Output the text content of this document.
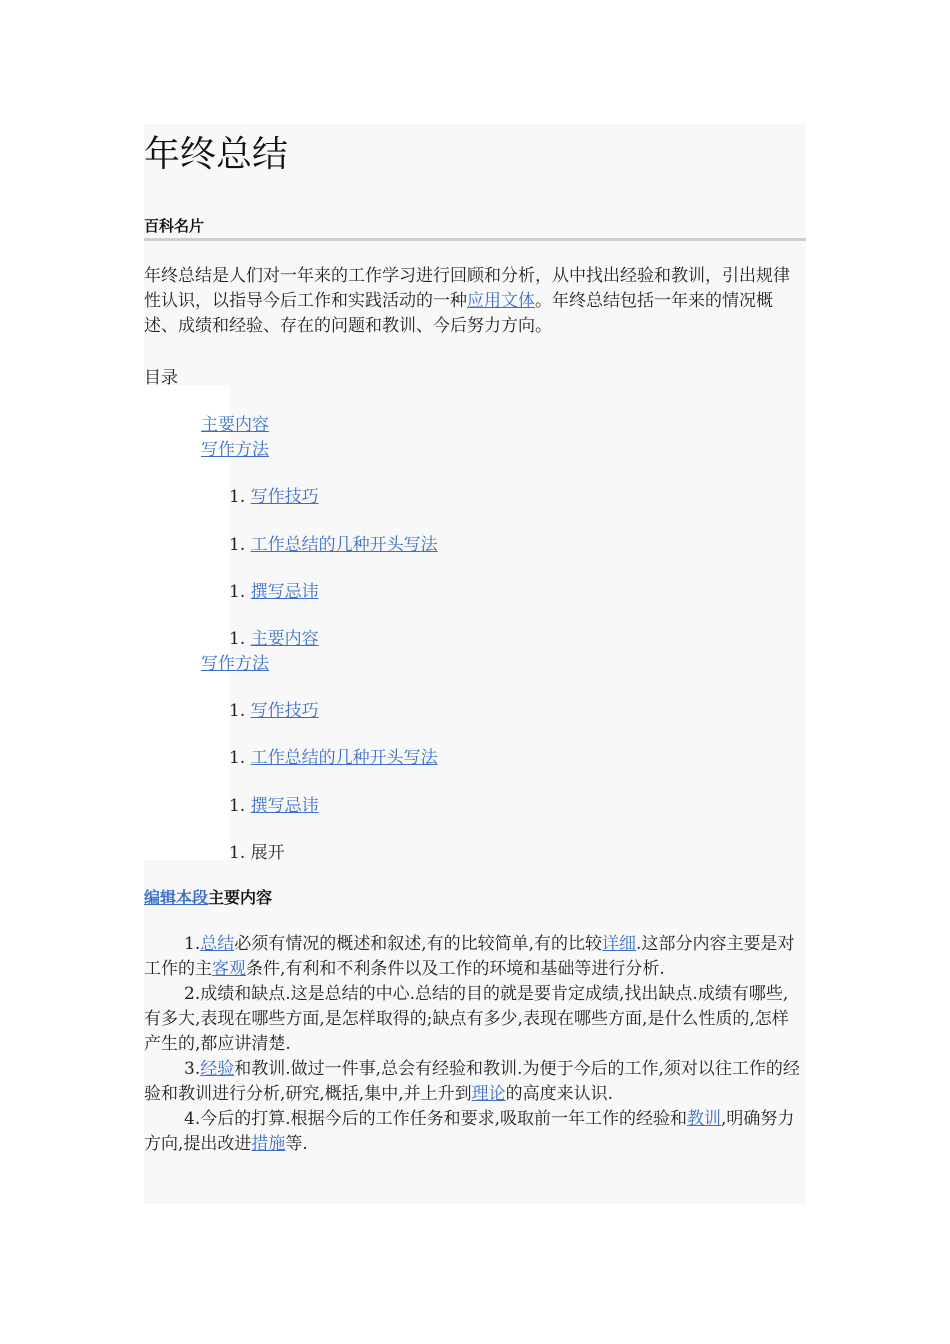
年终总结
百科名片
年终总结是人们对一年来的工作学习进行回顾和分析，从中找出经验和教训，引出规律性认识，以指导今后工作和实践活动的一种应用文体。年终总结包括一年来的情况概述、成绩和经验、存在的问题和教训、今后努力方向。
目录
主要内容
写作方法
1. 写作技巧
1. 工作总结的几种开头写法
1. 撰写忌讳
1. 主要内容
写作方法
1. 写作技巧
1. 工作总结的几种开头写法
1. 撰写忌讳
1. 展开
编辑本段主要内容

1.总结必须有情况的概述和叙述,有的比较简单,有的比较详细.这部分内容主要是对工作的主客观条件,有利和不利条件以及工作的环境和基础等进行分析.

2.成绩和缺点.这是总结的中心.总结的目的就是要肯定成绩,找出缺点.成绩有哪些,有多大,表现在哪些方面,是怎样取得的;缺点有多少,表现在哪些方面,是什么性质的,怎样产生的,都应讲清楚.

3.经验和教训.做过一件事,总会有经验和教训.为便于今后的工作,须对以往工作的经验和教训进行分析,研究,概括,集中,并上升到理论的高度来认识.

4.今后的打算.根据今后的工作任务和要求,吸取前一年工作的经验和教训,明确努力方向,提出改进措施等.
